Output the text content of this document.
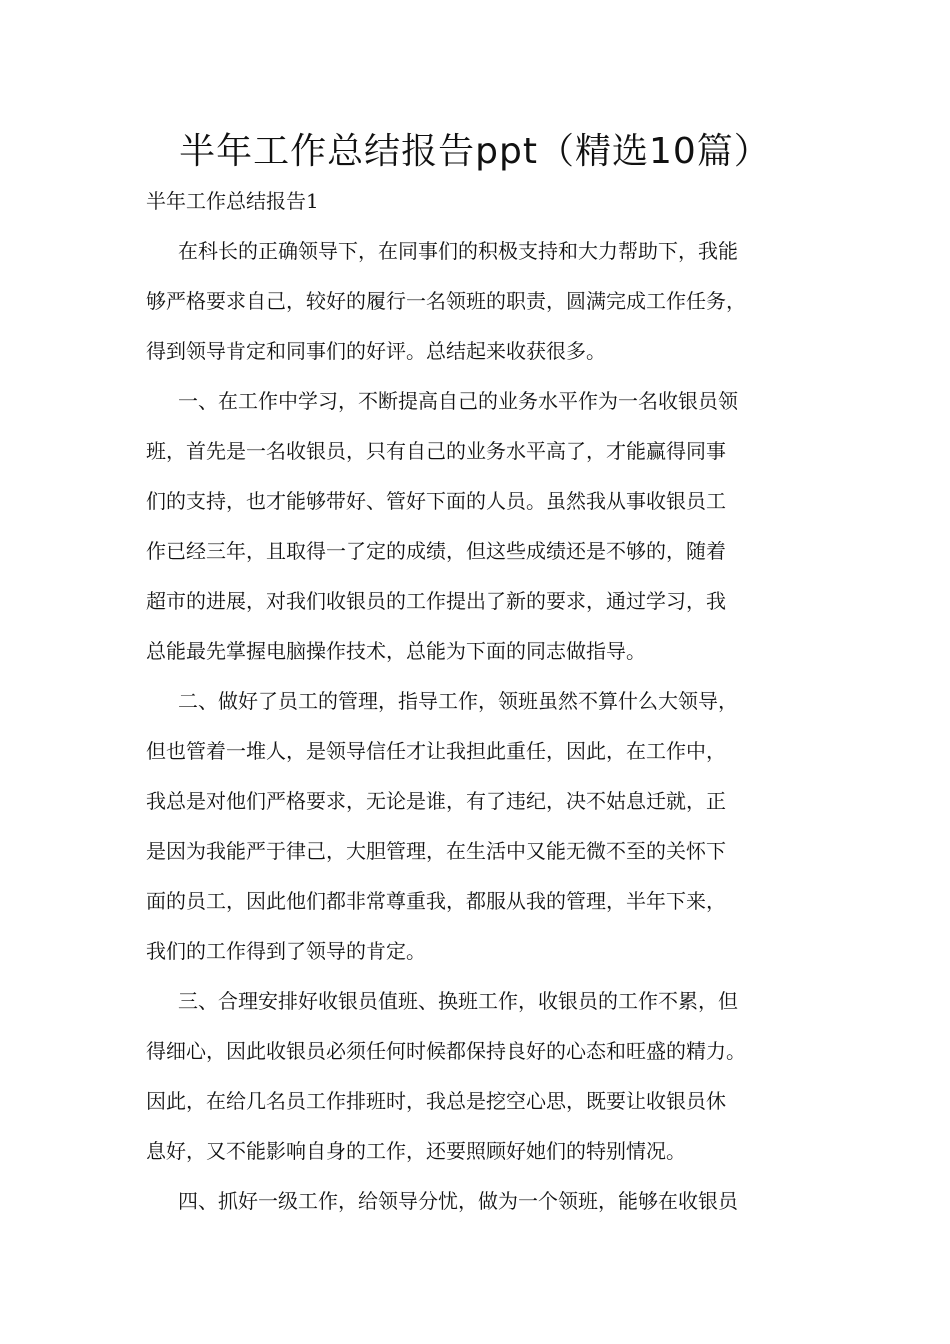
半年工作总结报告ppt（精选10篇）
半年工作总结报告1
在科长的正确领导下，在同事们的积极支持和大力帮助下，我能
够严格要求自己，较好的履行一名领班的职责，圆满完成工作任务，
得到领导肯定和同事们的好评。总结起来收获很多。
一、在工作中学习，不断提高自己的业务水平作为一名收银员领
班，首先是一名收银员，只有自己的业务水平高了，才能赢得同事
们的支持，也才能够带好、管好下面的人员。虽然我从事收银员工
作已经三年，且取得一了定的成绩，但这些成绩还是不够的，随着
超市的进展，对我们收银员的工作提出了新的要求，通过学习，我
总能最先掌握电脑操作技术，总能为下面的同志做指导。
二、做好了员工的管理，指导工作，领班虽然不算什么大领导，
但也管着一堆人，是领导信任才让我担此重任，因此，在工作中，
我总是对他们严格要求，无论是谁，有了违纪，决不姑息迁就，正
是因为我能严于律己，大胆管理，在生活中又能无微不至的关怀下
面的员工，因此他们都非常尊重我，都服从我的管理，半年下来，
我们的工作得到了领导的肯定。
三、合理安排好收银员值班、换班工作，收银员的工作不累，但
得细心，因此收银员必须任何时候都保持良好的心态和旺盛的精力。
因此，在给几名员工作排班时，我总是挖空心思，既要让收银员休
息好，又不能影响自身的工作，还要照顾好她们的特别情况。
四、抓好一级工作，给领导分忧，做为一个领班，能够在收银员
